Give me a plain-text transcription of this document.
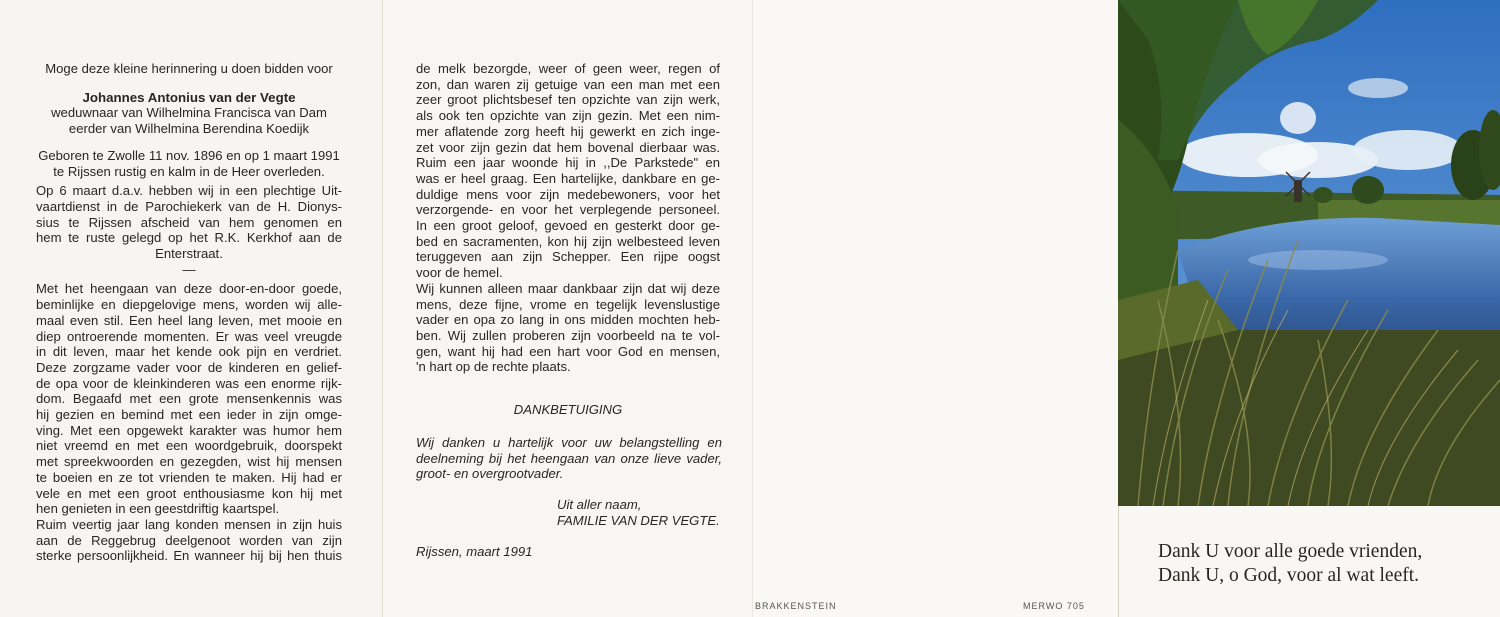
Moge deze kleine herinnering u doen bidden voor

Johannes Antonius van der Vegte

weduwnaar van Wilhelmina Francisca van Dam

eerder van Wilhelmina Berendina Koedijk

Geboren te Zwolle 11 nov. 1896 en op 1 maart 1991

te Rijssen rustig en kalm in de Heer overleden.

Op 6 maart d.a.v. hebben wij in een plechtige Uit-

vaartdienst in de Parochiekerk van de H. Dionys-

sius te Rijssen afscheid van hem genomen en

hem te ruste gelegd op het R.K. Kerkhof aan de

Enterstraat.

—

Met het heengaan van deze door-en-door goede,

beminlijke en diepgelovige mens, worden wij alle-

maal even stil. Een heel lang leven, met mooie en

diep ontroerende momenten. Er was veel vreugde

in dit leven, maar het kende ook pijn en verdriet.

Deze zorgzame vader voor de kinderen en gelief-

de opa voor de kleinkinderen was een enorme rijk-

dom. Begaafd met een grote mensenkennis was

hij gezien en bemind met een ieder in zijn omge-

ving. Met een opgewekt karakter was humor hem

niet vreemd en met een woordgebruik, doorspekt

met spreekwoorden en gezegden, wist hij mensen

te boeien en ze tot vrienden te maken. Hij had er

vele en met een groot enthousiasme kon hij met

hen genieten in een geestdriftig kaartspel.

Ruim veertig jaar lang konden mensen in zijn huis

aan de Reggebrug deelgenoot worden van zijn

sterke persoonlijkheid. En wanneer hij bij hen thuis

de melk bezorgde, weer of geen weer, regen of

zon, dan waren zij getuige van een man met een

zeer groot plichtsbesef ten opzichte van zijn werk,

als ook ten opzichte van zijn gezin. Met een nim-

mer aflatende zorg heeft hij gewerkt en zich inge-

zet voor zijn gezin dat hem bovenal dierbaar was.

Ruim een jaar woonde hij in ,,De Parkstede" en

was er heel graag. Een hartelijke, dankbare en ge-

duldige mens voor zijn medebewoners, voor het

verzorgende- en voor het verplegende personeel.

In een groot geloof, gevoed en gesterkt door ge-

bed en sacramenten, kon hij zijn welbesteed leven

teruggeven aan zijn Schepper. Een rijpe oogst

voor de hemel.

Wij kunnen alleen maar dankbaar zijn dat wij deze

mens, deze fijne, vrome en tegelijk levenslustige

vader en opa zo lang in ons midden mochten heb-

ben. Wij zullen proberen zijn voorbeeld na te vol-

gen, want hij had een hart voor God en mensen,

'n hart op de rechte plaats.

DANKBETUIGING

Wij danken u hartelijk voor uw belangstelling en

deelneming bij het heengaan van onze lieve vader,

groot- en overgrootvader.

Uit aller naam,

FAMILIE VAN DER VEGTE.

Rijssen, maart 1991
BRAKKENSTEIN	MERWO 705

Dank U voor alle goede vrienden,

Dank U, o God, voor al wat leeft.
